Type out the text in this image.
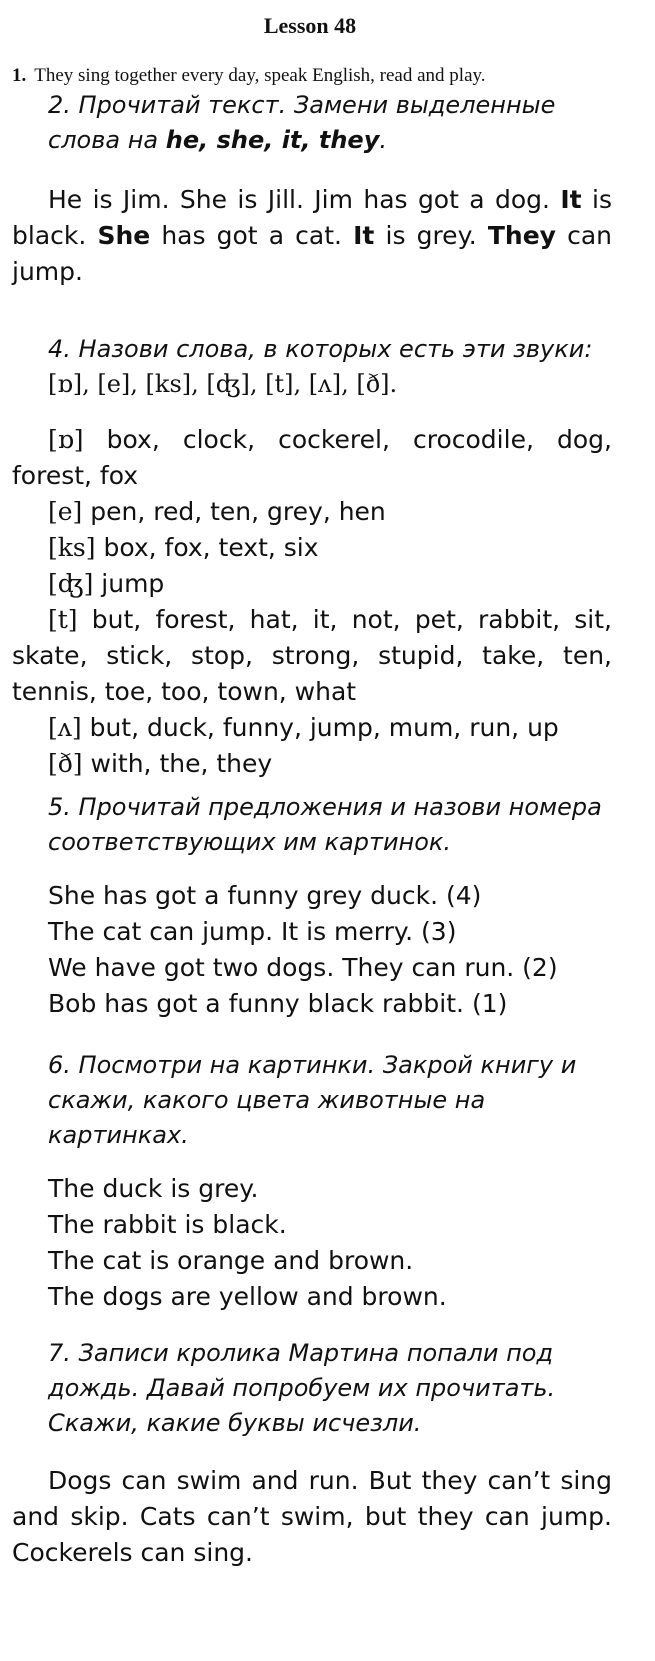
Lesson 48
1. They sing together every day, speak English, read and play.

2. Прочитай текст. Замени выделенные слова на he, she, it, they.

He is Jim. She is Jill. Jim has got a dog. It is black. She has got a cat. It is grey. They can jump.

4. Назови слова, в которых есть эти звуки:

[ɒ], [e], [ks], [ʤ], [t], [ʌ], [ð].

[ɒ] box, clock, cockerel, crocodile, dog, forest, fox
[e] pen, red, ten, grey, hen
[ks] box, fox, text, six
[ʤ] jump
[t] but, forest, hat, it, not, pet, rabbit, sit, skate, stick, stop, strong, stupid, take, ten, tennis, toe, too, town, what
[ʌ] but, duck, funny, jump, mum, run, up
[ð] with, the, they

5. Прочитай предложения и назови номера соответствующих им картинок.

She has got a funny grey duck. (4)
The cat can jump. It is merry. (3)
We have got two dogs. They can run. (2)
Bob has got a funny black rabbit. (1)

6. Посмотри на картинки. Закрой книгу и скажи, какого цвета животные на картинках.

The duck is grey.
The rabbit is black.
The cat is orange and brown.
The dogs are yellow and brown.

7. Записи кролика Мартина попали под дождь. Давай попробуем их прочитать. Скажи, какие буквы исчезли.

Dogs can swim and run. But they can’t sing and skip. Cats can’t swim, but they can jump. Cockerels can sing.
